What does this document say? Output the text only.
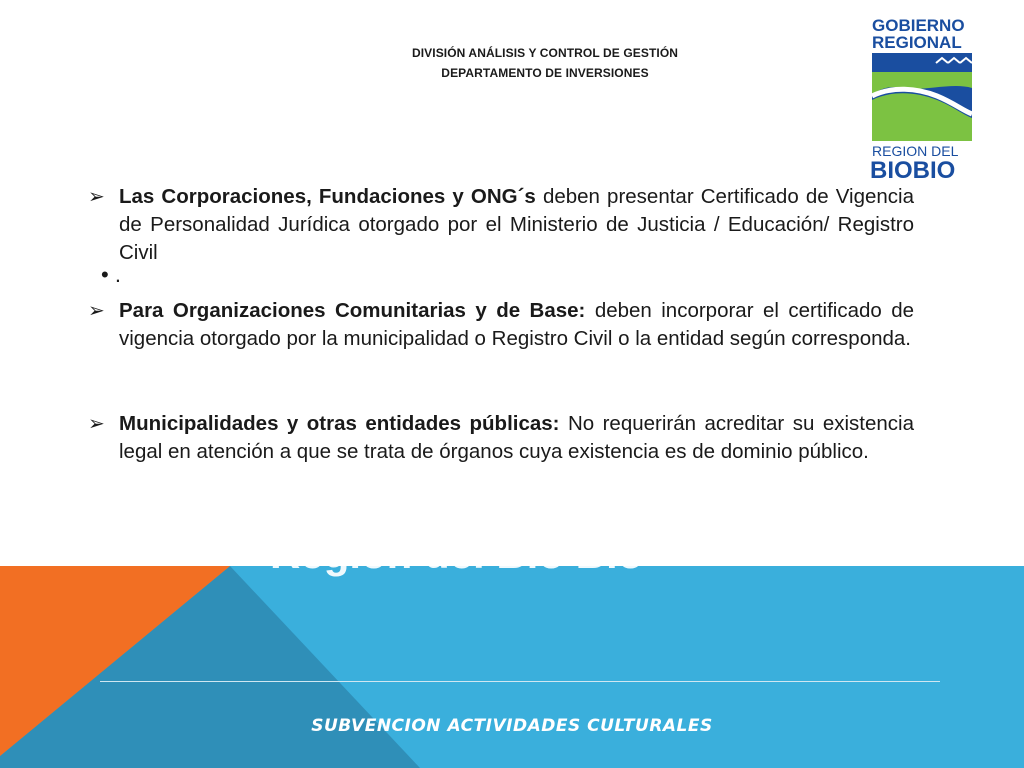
Región del Bío Bío
SUBVENCION ACTIVIDADES CULTURALES
DIVISIÓN ANÁLISIS Y CONTROL DE GESTIÓN
DEPARTAMENTO DE INVERSIONES
GOBIERNO
REGIONAL
REGION DEL
BIOBIO
➢ Las Corporaciones, Fundaciones y ONG´s deben presentar Certificado de Vigencia de Personalidad Jurídica otorgado por el Ministerio de Justicia / Educación/ Registro Civil
• .
➢ Para Organizaciones Comunitarias y de Base: deben incorporar el certificado de vigencia otorgado por la municipalidad o Registro Civil o la entidad según corresponda.
➢ Municipalidades y otras entidades públicas: No requerirán acreditar su existencia legal en atención a que se trata de órganos cuya existencia es de dominio público.
